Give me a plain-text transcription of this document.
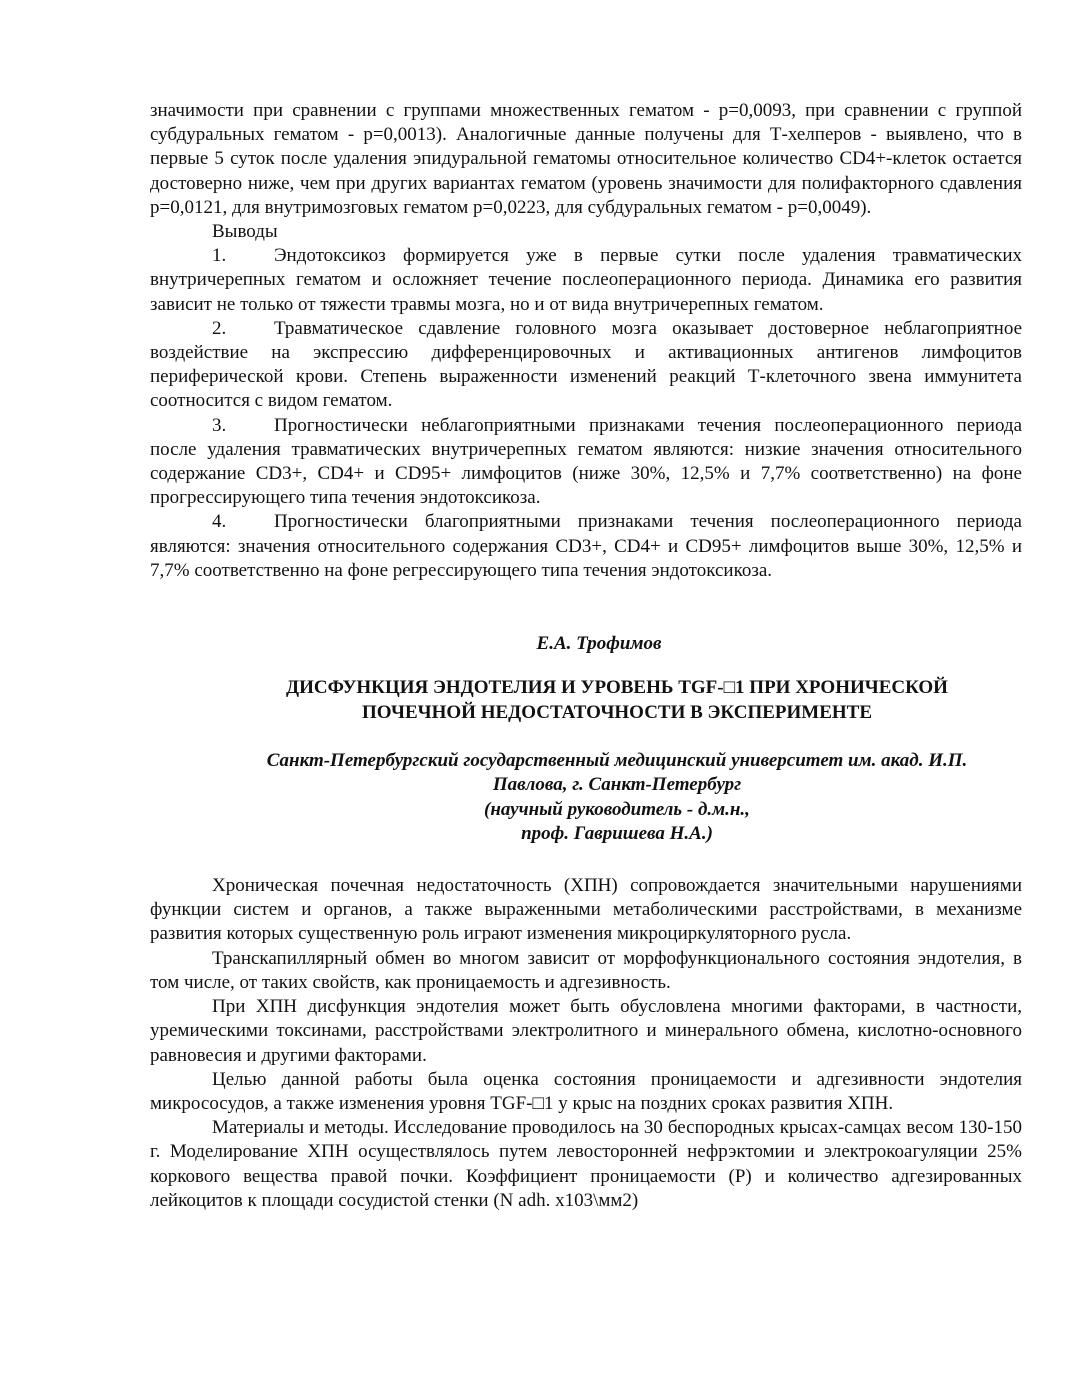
значимости при сравнении с группами множественных гематом - p=0,0093, при сравнении с группой субдуральных гематом - p=0,0013). Аналогичные данные получены для Т-хелперов - выявлено, что в первые 5 суток после удаления эпидуральной гематомы относительное количество CD4+-клеток остается достоверно ниже, чем при других вариантах гематом (уровень значимости для полифакторного сдавления p=0,0121, для внутримозговых гематом p=0,0223, для субдуральных гематом - p=0,0049).

Выводы

1.	Эндотоксикоз формируется уже в первые сутки после удаления травматических внутричерепных гематом и осложняет течение послеоперационного периода. Динамика его развития зависит не только от тяжести травмы мозга, но и от вида внутричерепных гематом.

2.	Травматическое сдавление головного мозга оказывает достоверное неблагоприятное воздействие на экспрессию дифференцировочных и активационных антигенов лимфоцитов периферической крови. Степень выраженности изменений реакций Т-клеточного звена иммунитета соотносится с видом гематом.

3.	Прогностически неблагоприятными признаками течения послеоперационного периода после удаления травматических внутричерепных гематом являются: низкие значения относительного содержание CD3+, CD4+ и CD95+ лимфоцитов (ниже 30%, 12,5% и 7,7% соответственно) на фоне прогрессирующего типа течения эндотоксикоза.

4.	Прогностически благоприятными признаками течения послеоперационного периода являются: значения относительного содержания CD3+, CD4+ и CD95+ лимфоцитов выше 30%, 12,5% и 7,7% соответственно на фоне регрессирующего типа течения эндотоксикоза.

Е.А. Трофимов

ДИСФУНКЦИЯ ЭНДОТЕЛИЯ И УРОВЕНЬ TGF-□1 ПРИ ХРОНИЧЕСКОЙ
ПОЧЕЧНОЙ НЕДОСТАТОЧНОСТИ В ЭКСПЕРИМЕНТЕ

Санкт-Петербургский государственный медицинский университет им. акад. И.П.
Павлова, г. Санкт-Петербург
(научный руководитель - д.м.н.,
проф. Гавришева Н.А.)

Хроническая почечная недостаточность (ХПН) сопровождается значительными нарушениями функции систем и органов, а также выраженными метаболическими расстройствами, в механизме развития которых существенную роль играют изменения микроциркуляторного русла.

Транскапиллярный обмен во многом зависит от морфофункционального состояния эндотелия, в том числе, от таких свойств, как проницаемость и адгезивность.

При ХПН дисфункция эндотелия может быть обусловлена многими факторами, в частности, уремическими токсинами, расстройствами электролитного и минерального обмена, кислотно-основного равновесия и другими факторами.

Целью данной работы была оценка состояния проницаемости и адгезивности эндотелия микрососудов, а также изменения уровня TGF-□1 у крыс на поздних сроках развития ХПН.

Материалы и методы. Исследование проводилось на 30 беспородных крысах-самцах весом 130-150 г. Моделирование ХПН осуществлялось путем левосторонней нефрэктомии и электрокоагуляции 25% коркового вещества правой почки. Коэффициент проницаемости (P) и количество адгезированных лейкоцитов к площади сосудистой стенки (N adh. x103\мм2)
